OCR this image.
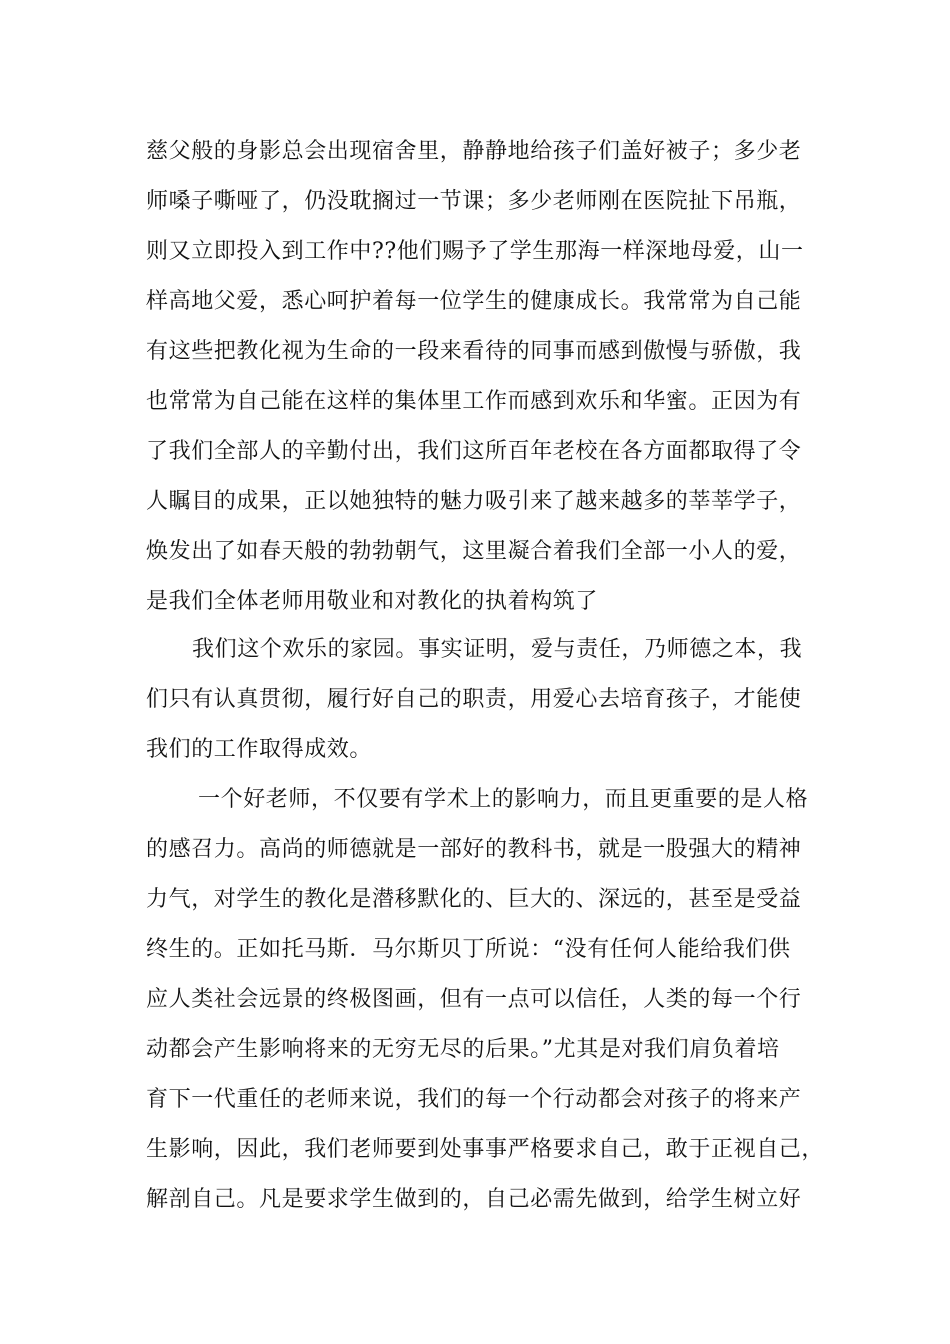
慈父般的身影总会出现宿舍里，静静地给孩子们盖好被子；多少老
师嗓子嘶哑了，仍没耽搁过一节课；多少老师刚在医院扯下吊瓶，
则又立即投入到工作中??他们赐予了学生那海一样深地母爱，山一
样高地父爱，悉心呵护着每一位学生的健康成长。我常常为自己能
有这些把教化视为生命的一段来看待的同事而感到傲慢与骄傲，我
也常常为自己能在这样的集体里工作而感到欢乐和华蜜。正因为有
了我们全部人的辛勤付出，我们这所百年老校在各方面都取得了令
人瞩目的成果，正以她独特的魅力吸引来了越来越多的莘莘学子，
焕发出了如春天般的勃勃朝气，这里凝合着我们全部一小人的爱，
是我们全体老师用敬业和对教化的执着构筑了
我们这个欢乐的家园。事实证明，爱与责任，乃师德之本，我
们只有认真贯彻，履行好自己的职责，用爱心去培育孩子，才能使
我们的工作取得成效。
一个好老师，不仅要有学术上的影响力，而且更重要的是人格
的感召力。高尚的师德就是一部好的教科书，就是一股强大的精神
力气，对学生的教化是潜移默化的、巨大的、深远的，甚至是受益
终生的。正如托马斯．马尔斯贝丁所说：“没有任何人能给我们供
应人类社会远景的终极图画，但有一点可以信任，人类的每一个行
动都会产生影响将来的无穷无尽的后果。”尤其是对我们肩负着培
育下一代重任的老师来说，我们的每一个行动都会对孩子的将来产
生影响，因此，我们老师要到处事事严格要求自己，敢于正视自己，
解剖自己。凡是要求学生做到的，自己必需先做到，给学生树立好
